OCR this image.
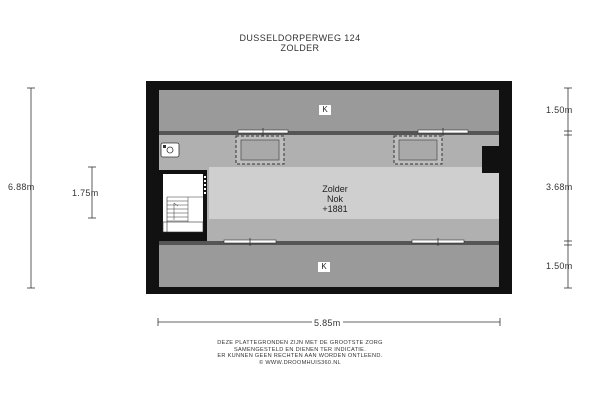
DUSSELDORPERWEG 124
ZOLDER
K
K
Zolder
Nok
+1881
6.88m
1.75m
1.50m
3.68m
1.50m
5.85m
DEZE PLATTEGRONDEN ZIJN MET DE GROOTSTE ZORG
SAMENGESTELD EN DIENEN TER INDICATIE.
ER KUNNEN GEEN RECHTEN AAN WORDEN ONTLEEND.
© WWW.DROOMHUIS360.NL
